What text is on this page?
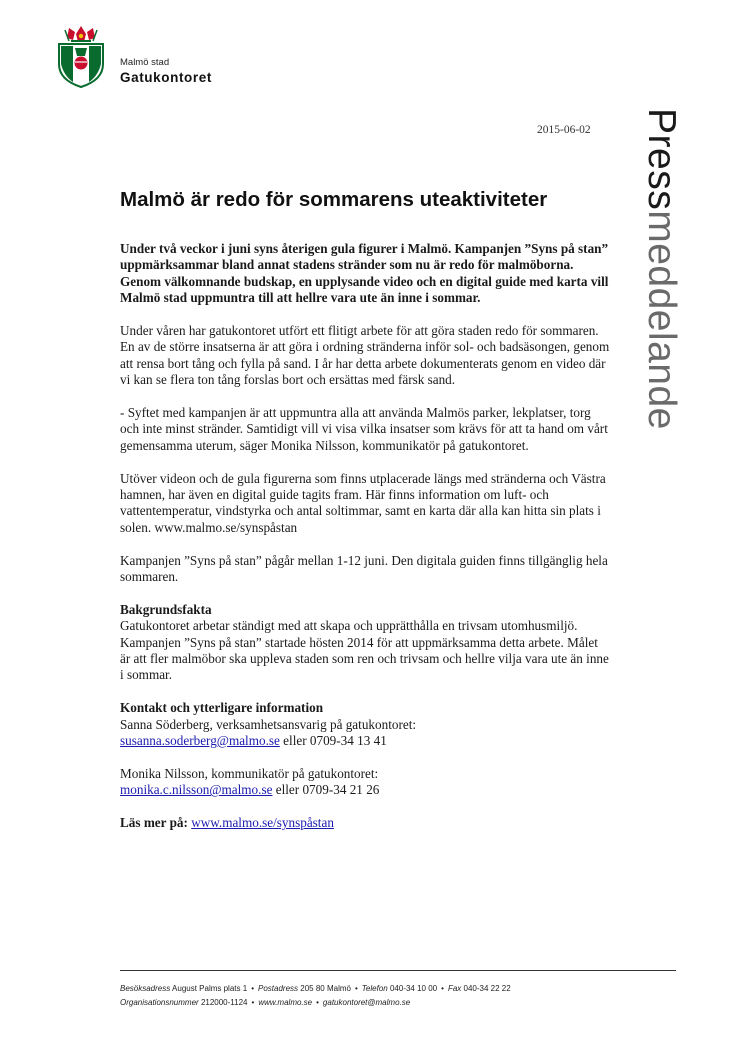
Malmö stad
Gatukontoret
2015-06-02 Pressmeddelande
Malmö är redo för sommarens uteaktiviteter

Under två veckor i juni syns återigen gula figurer i Malmö. Kampanjen ”Syns på stan” uppmärksammar bland annat stadens stränder som nu är redo för malmöborna. Genom välkomnande budskap, en upplysande video och en digital guide med karta vill Malmö stad uppmuntra till att hellre vara ute än inne i sommar.

Under våren har gatukontoret utfört ett flitigt arbete för att göra staden redo för sommaren. En av de större insatserna är att göra i ordning stränderna inför sol- och badsäsongen, genom att rensa bort tång och fylla på sand. I år har detta arbete dokumenterats genom en video där vi kan se flera ton tång forslas bort och ersättas med färsk sand.

- Syftet med kampanjen är att uppmuntra alla att använda Malmös parker, lekplatser, torg och inte minst stränder. Samtidigt vill vi visa vilka insatser som krävs för att ta hand om vårt gemensamma uterum, säger Monika Nilsson, kommunikatör på gatukontoret.

Utöver videon och de gula figurerna som finns utplacerade längs med stränderna och Västra hamnen, har även en digital guide tagits fram. Här finns information om luft- och vattentemperatur, vindstyrka och antal soltimmar, samt en karta där alla kan hitta sin plats i solen. www.malmo.se/synspåstan

Kampanjen ”Syns på stan” pågår mellan 1-12 juni. Den digitala guiden finns tillgänglig hela sommaren.

Bakgrundsfakta
Gatukontoret arbetar ständigt med att skapa och upprätthålla en trivsam utomhusmiljö. Kampanjen ”Syns på stan” startade hösten 2014 för att uppmärksamma detta arbete. Målet är att fler malmöbor ska uppleva staden som ren och trivsam och hellre vilja vara ute än inne i sommar.

Kontakt och ytterligare information
Sanna Söderberg, verksamhetsansvarig på gatukontoret:
susanna.soderberg@malmo.se eller 0709-34 13 41

Monika Nilsson, kommunikatör på gatukontoret:
monika.c.nilsson@malmo.se eller 0709-34 21 26

Läs mer på: www.malmo.se/synspåstan

Besöksadress August Palms plats 1 • Postadress 205 80 Malmö • Telefon 040-34 10 00 • Fax 040-34 22 22
Organisationsnummer 212000-1124 • www.malmo.se • gatukontoret@malmo.se
